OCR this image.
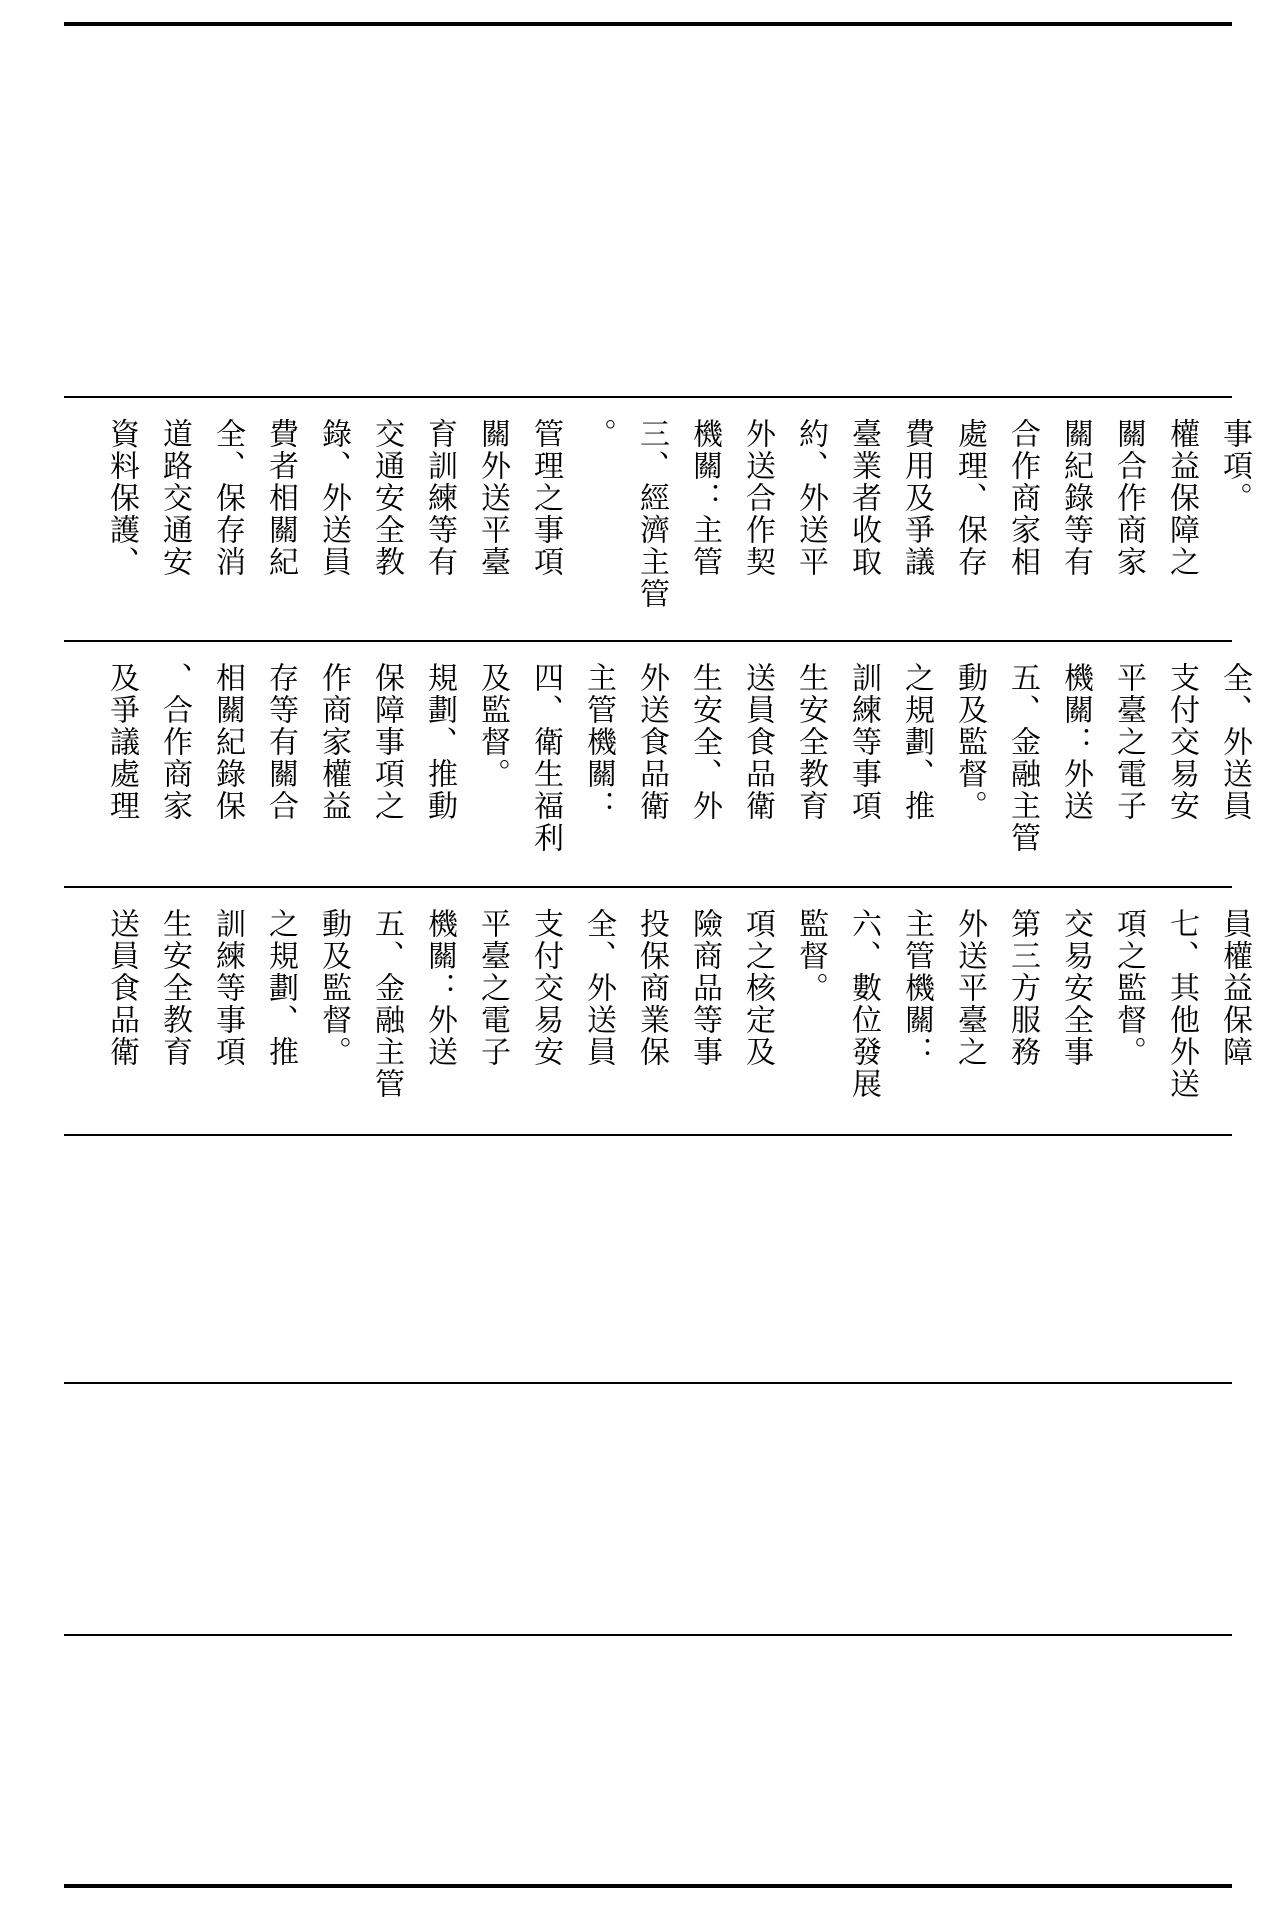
資料保護、 道路交通安 全、保存消 費者相關紀 錄、外送員 交通安全教 育訓練等有 關外送平臺 管理之事項 。 三、經濟主管 機關：主管 外送合作契 約、外送平 臺業者收取 費用及爭議 處理、保存 合作商家相 關紀錄等有 關合作商家 權益保障之 事項。
及爭議處理 、合作商家 相關紀錄保 存等有關合 作商家權益 保障事項之 規劃、推動 及監督。 四、衛生福利 主管機關： 外送食品衛 生安全、外 送員食品衛 生安全教育 訓練等事項 之規劃、推 動及監督。 五、金融主管 機關：外送 平臺之電子 支付交易安 全、外送員
送員食品衛 生安全教育 訓練等事項 之規劃、推 動及監督。 五、金融主管 機關：外送 平臺之電子 支付交易安 全、外送員 投保商業保 險商品等事 項之核定及 監督。 六、數位發展 主管機關： 外送平臺之 第三方服務 交易安全事 項之監督。 七、其他外送 員權益保障
